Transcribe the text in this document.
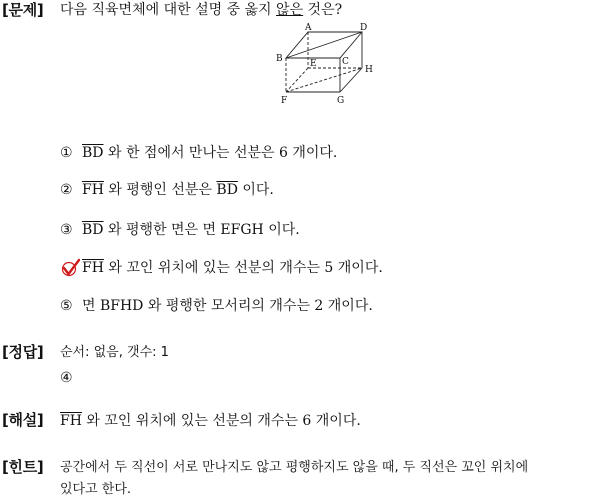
[문제] 다음 직육면체에 대한 설명 중 옳지 않은 것은?
A	D
B	E	C
H
F	G
① $\overline{BD}$ 와 한 점에서 만나는 선분은 6 개이다.
② $\overline{FH}$ 와 평행인 선분은 $\overline{BD}$ 이다.
③ $\overline{BD}$ 와 평행한 면은 면 EFGH 이다.
$\overline{FH}$ 와 꼬인 위치에 있는 선분의 개수는 5 개이다.
⑤ 면 BFHD 와 평행한 모서리의 개수는 2 개이다.
[정답] 순서: 없음, 갯수: 1
④
[해설] $\overline{FH}$ 와 꼬인 위치에 있는 선분의 개수는 6 개이다.
[힌트] 공간에서 두 직선이 서로 만나지도 않고 평행하지도 않을 때, 두 직선은 꼬인 위치에
있다고 한다.
